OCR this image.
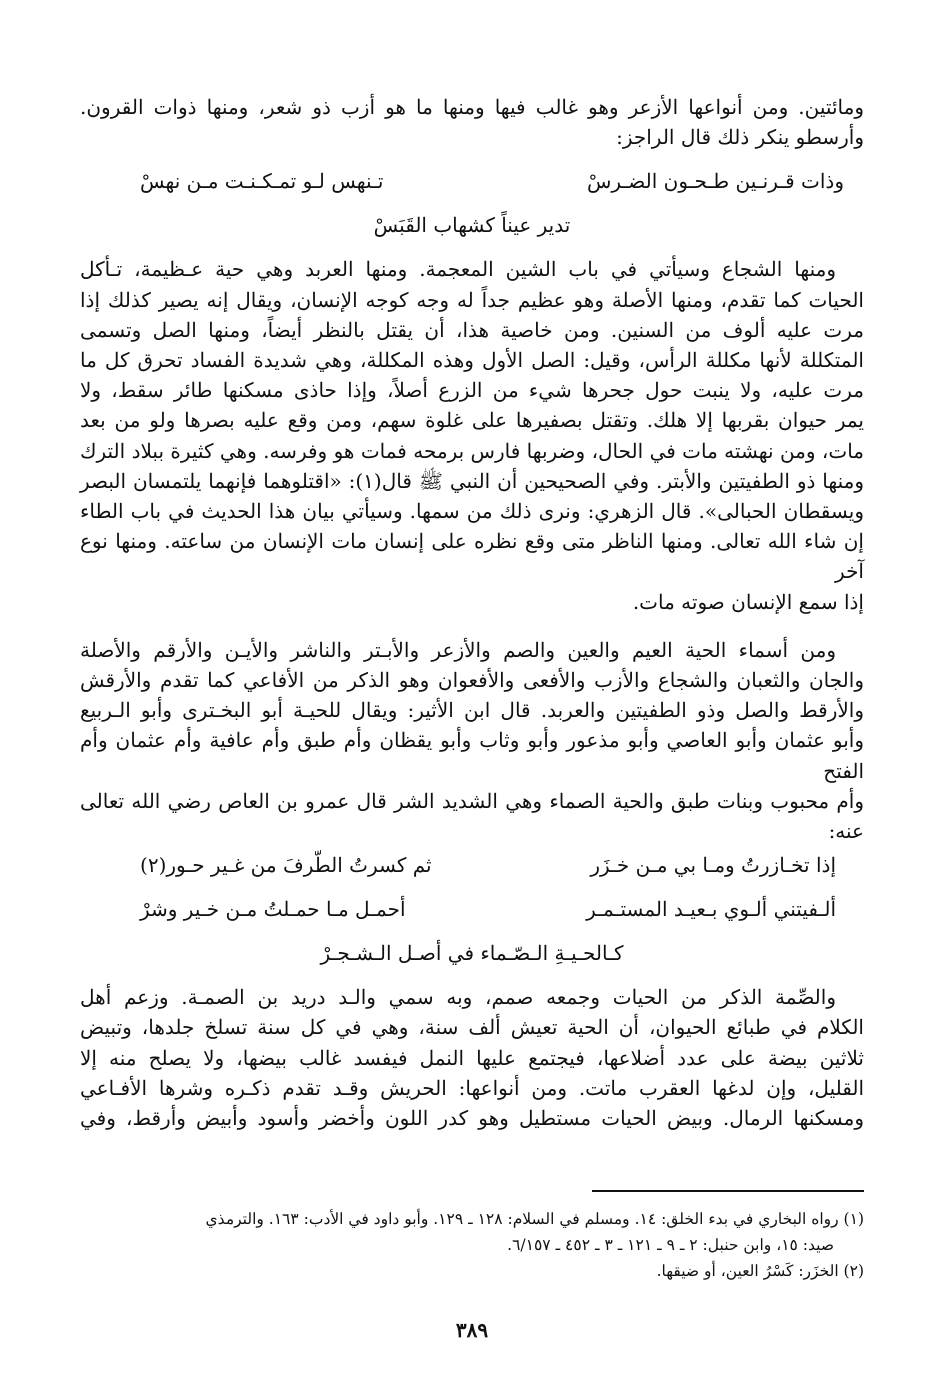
ومائتين. ومن أنواعها الأزعر وهو غالب فيها ومنها ما هو أزب ذو شعر، ومنها ذوات القرون.
وأرسطو ينكر ذلك قال الراجز:

وذات قـرنـين طـحـون الضـرسْ
تـنهس لـو تمـكـنـت مـن نهسْ

تدير عيناً كشهاب القَبَسْ

ومنها الشجاع وسيأتي في باب الشين المعجمة. ومنها العربد وهي حية عـظيمة، تـأكل
الحيات كما تقدم، ومنها الأصلة وهو عظيم جداً له وجه كوجه الإنسان، ويقال إنه يصير كذلك إذا
مرت عليه ألوف من السنين. ومن خاصية هذا، أن يقتل بالنظر أيضاً، ومنها الصل وتسمى
المتكللة لأنها مكللة الرأس، وقيل: الصل الأول وهذه المكللة، وهي شديدة الفساد تحرق كل ما
مرت عليه، ولا ينبت حول جحرها شيء من الزرع أصلاً، وإذا حاذى مسكنها طائر سقط، ولا
يمر حيوان بقربها إلا هلك. وتقتل بصفيرها على غلوة سهم، ومن وقع عليه بصرها ولو من بعد
مات، ومن نهشته مات في الحال، وضربها فارس برمحه فمات هو وفرسه. وهي كثيرة ببلاد الترك
ومنها ذو الطفيتين والأبتر. وفي الصحيحين أن النبي ﷺ قال(١): «اقتلوهما فإنهما يلتمسان البصر
ويسقطان الحبالى». قال الزهري: ونرى ذلك من سمها. وسيأتي بيان هذا الحديث في باب الطاء
إن شاء الله تعالى. ومنها الناظر متى وقع نظره على إنسان مات الإنسان من ساعته. ومنها نوع آخر
إذا سمع الإنسان صوته مات.

ومن أسماء الحية العيم والعين والصم والأزعر والأبـتر والناشر والأيـن والأرقم والأصلة
والجان والثعبان والشجاع والأزب والأفعى والأفعوان وهو الذكر من الأفاعي كما تقدم والأرقش
والأرقط والصل وذو الطفيتين والعربد. قال ابن الأثير: ويقال للحيـة أبو البخـترى وأبو الـربيع
وأبو عثمان وأبو العاصي وأبو مذعور وأبو وثاب وأبو يقظان وأم طبق وأم عافية وأم عثمان وأم الفتح
وأم محبوب وبنات طبق والحية الصماء وهي الشديد الشر قال عمرو بن العاص رضي الله تعالى عنه:

إذا تخـازرتُ ومـا بي مـن خـزَر
ثم كسرتُ الطّرفَ من غـير حـور(٢)
ألـفيتني ألـوي بـعيـد المستـمـر
أحمـل مـا حمـلتُ مـن خـير وشرْ

كـالحـيـةِ الـصّـماء في أصـل الـشـجـرْ

والصِّمة الذكر من الحيات وجمعه صمم، وبه سمي والـد دريد بن الصمـة. وزعم أهل
الكلام في طبائع الحيوان، أن الحية تعيش ألف سنة، وهي في كل سنة تسلخ جلدها، وتبيض
ثلاثين بيضة على عدد أضلاعها، فيجتمع عليها النمل فيفسد غالب بيضها، ولا يصلح منه إلا
القليل، وإن لدغها العقرب ماتت. ومن أنواعها: الحريش وقـد تقدم ذكـره وشرها الأفـاعي
ومسكنها الرمال. وبيض الحيات مستطيل وهو كدر اللون وأخضر وأسود وأبيض وأرقط، وفي

(١) رواه البخاري في بدء الخلق: ١٤. ومسلم في السلام: ١٢٨ ـ ١٢٩. وأبو داود في الأدب: ١٦٣. والترمذي
صيد: ١٥، وابن حنبل: ٢ ـ ٩ ـ ١٢١ ـ ٣ ـ ٤٥٢ ـ ٦/١٥٧.
(٢) الخزَر: كَسْرُ العين، أو ضيقها.
٣٨٩
